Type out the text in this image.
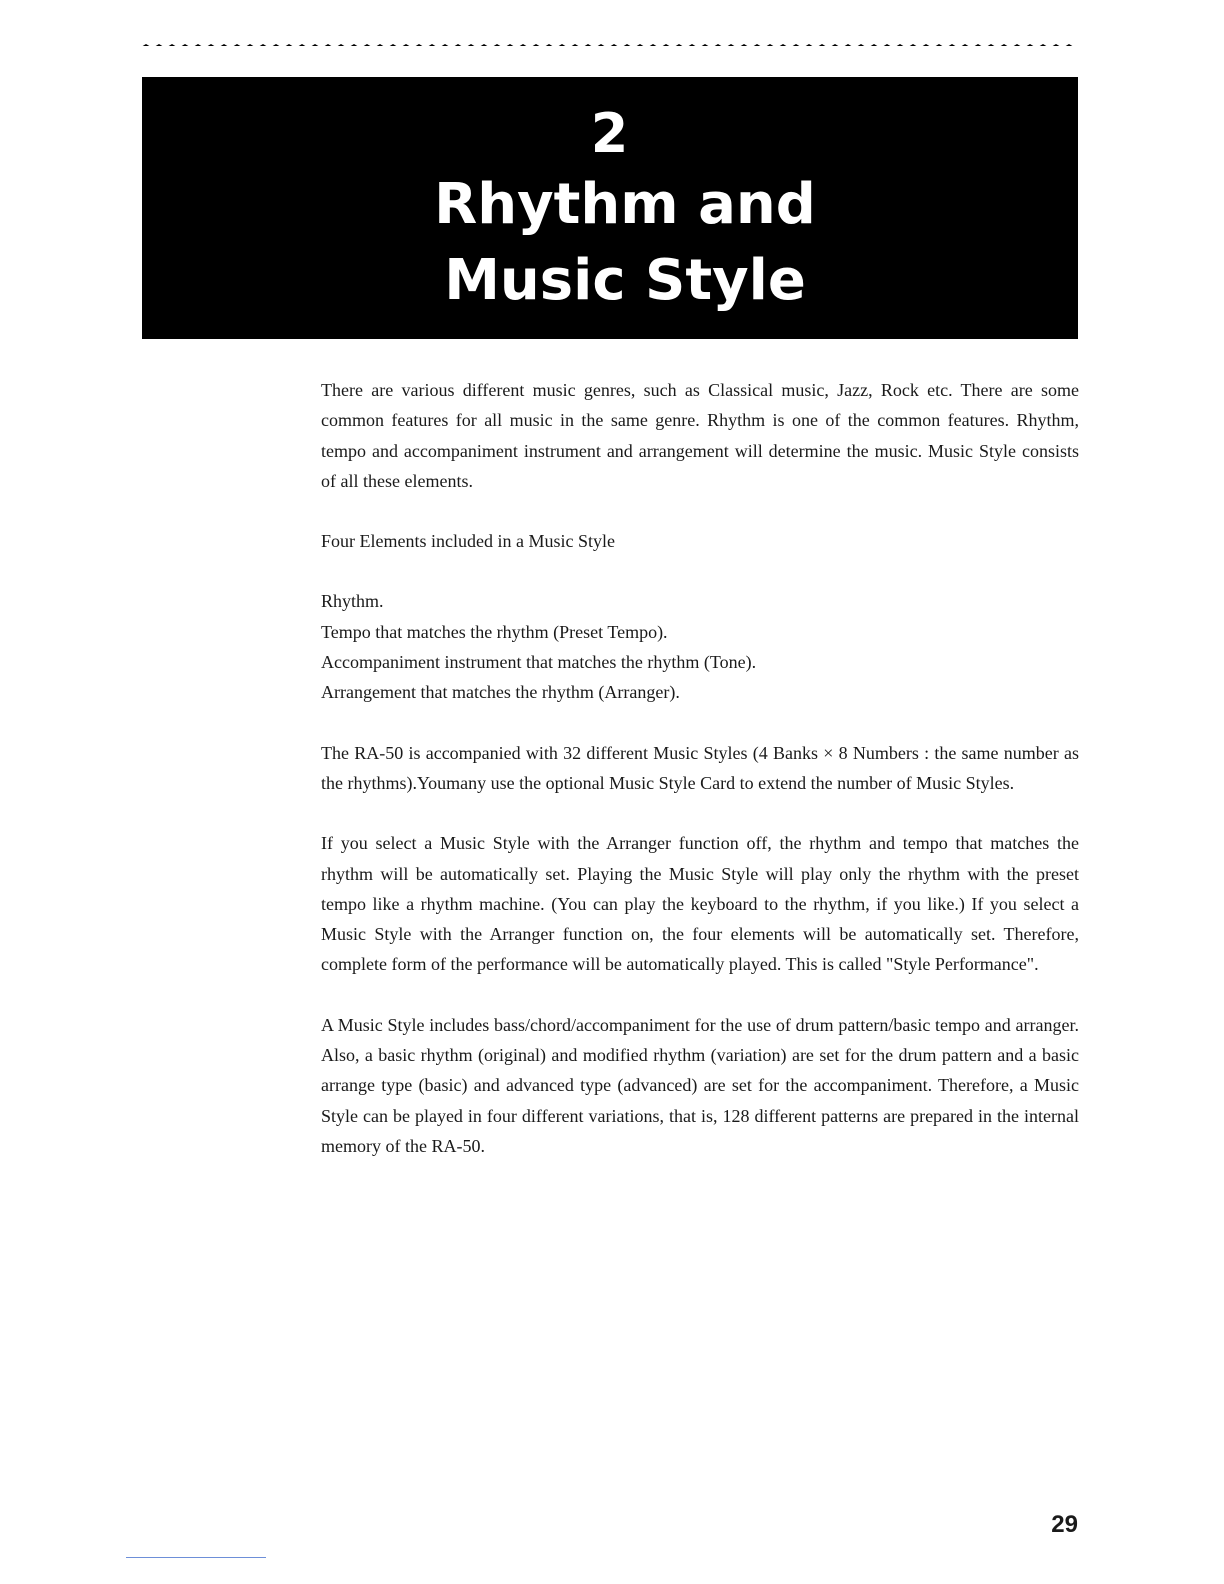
2
Rhythm and
Music Style

There are various different music genres, such as Classical music, Jazz, Rock etc. There are some common features for all music in the same genre. Rhythm is one of the common features. Rhythm, tempo and accompaniment instrument and arrangement will determine the music. Music Style consists of all these elements.

Four Elements included in a Music Style

Rhythm.

Tempo that matches the rhythm (Preset Tempo).

Accompaniment instrument that matches the rhythm (Tone).

Arrangement that matches the rhythm (Arranger).

The RA-50 is accompanied with 32 different Music Styles (4 Banks × 8 Numbers : the same number as the rhythms).Youmany use the optional Music Style Card to extend the number of Music Styles.

If you select a Music Style with the Arranger function off, the rhythm and tempo that matches the rhythm will be automatically set. Playing the Music Style will play only the rhythm with the preset tempo like a rhythm machine. (You can play the keyboard to the rhythm, if you like.) If you select a Music Style with the Arranger function on, the four elements will be automatically set. Therefore, complete form of the performance will be automatically played. This is called "Style Performance".

A Music Style includes bass/chord/accompaniment for the use of drum pattern/basic tempo and arranger. Also, a basic rhythm (original) and modified rhythm (variation) are set for the drum pattern and a basic arrange type (basic) and advanced type (advanced) are set for the accompaniment. Therefore, a Music Style can be played in four different variations, that is, 128 different patterns are prepared in the internal memory of the RA-50.

29
